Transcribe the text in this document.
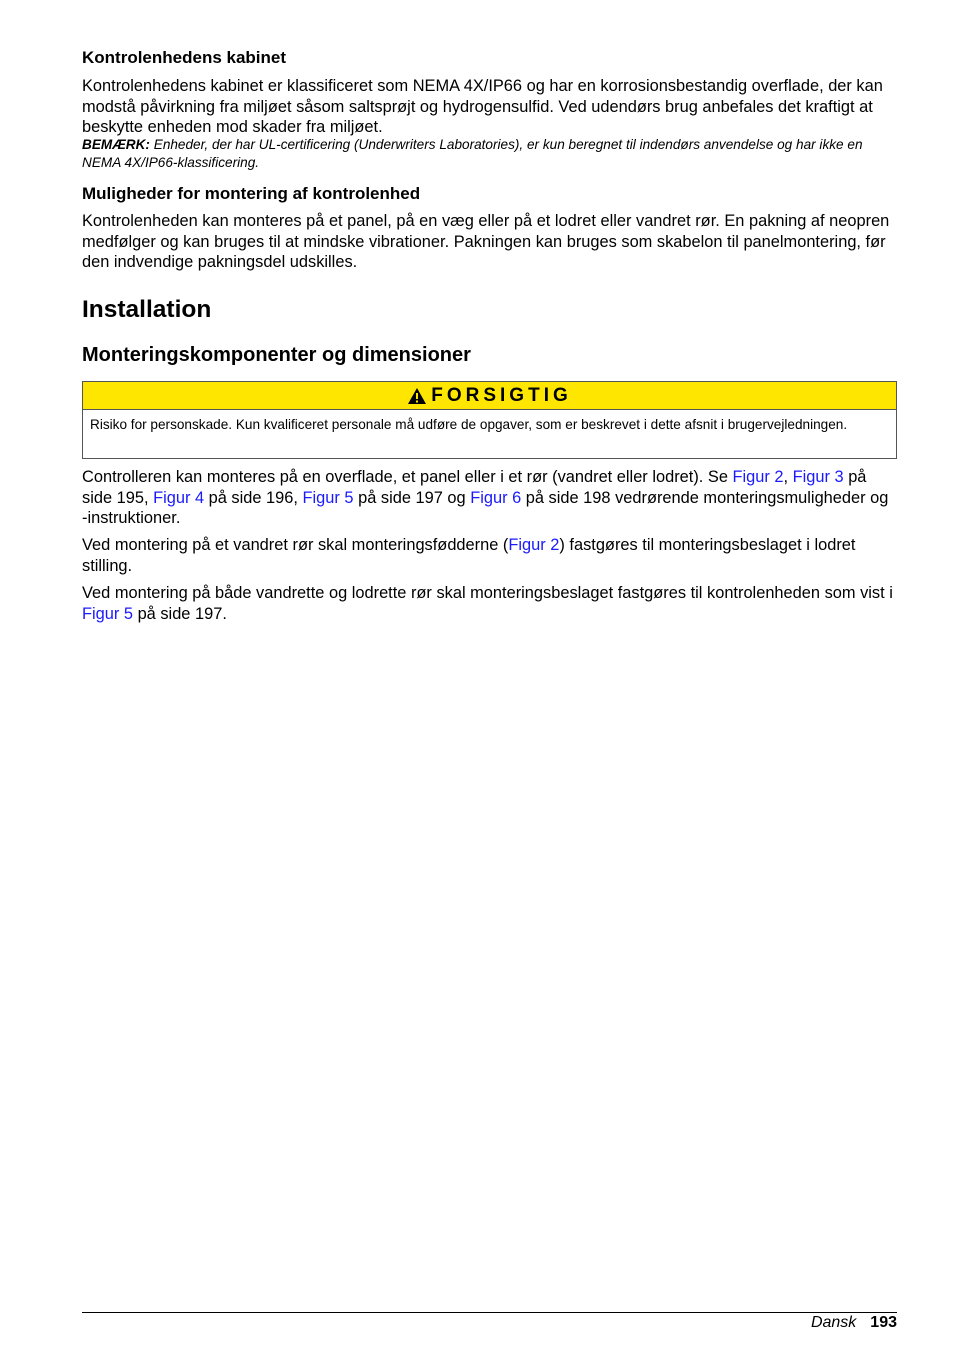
Kontrolenhedens kabinet

Kontrolenhedens kabinet er klassificeret som NEMA 4X/IP66 og har en korrosionsbestandig overflade, der kan modstå påvirkning fra miljøet såsom saltsprøjt og hydrogensulfid. Ved udendørs brug anbefales det kraftigt at beskytte enheden mod skader fra miljøet.

BEMÆRK: Enheder, der har UL-certificering (Underwriters Laboratories), er kun beregnet til indendørs anvendelse og har ikke en NEMA 4X/IP66-klassificering.

Muligheder for montering af kontrolenhed

Kontrolenheden kan monteres på et panel, på en væg eller på et lodret eller vandret rør. En pakning af neopren medfølger og kan bruges til at mindske vibrationer. Pakningen kan bruges som skabelon til panelmontering, før den indvendige pakningsdel udskilles.

Installation
Monteringskomponenter og dimensioner
FORSIGTIG
Risiko for personskade. Kun kvalificeret personale må udføre de opgaver, som er beskrevet i dette afsnit i brugervejledningen.

Controlleren kan monteres på en overflade, et panel eller i et rør (vandret eller lodret). Se Figur 2, Figur 3 på side 195, Figur 4 på side 196, Figur 5 på side 197 og Figur 6 på side 198 vedrørende monteringsmuligheder og -instruktioner.

Ved montering på et vandret rør skal monteringsfødderne (Figur 2) fastgøres til monteringsbeslaget i lodret stilling.

Ved montering på både vandrette og lodrette rør skal monteringsbeslaget fastgøres til kontrolenheden som vist i Figur 5 på side 197.

Dansk 193
